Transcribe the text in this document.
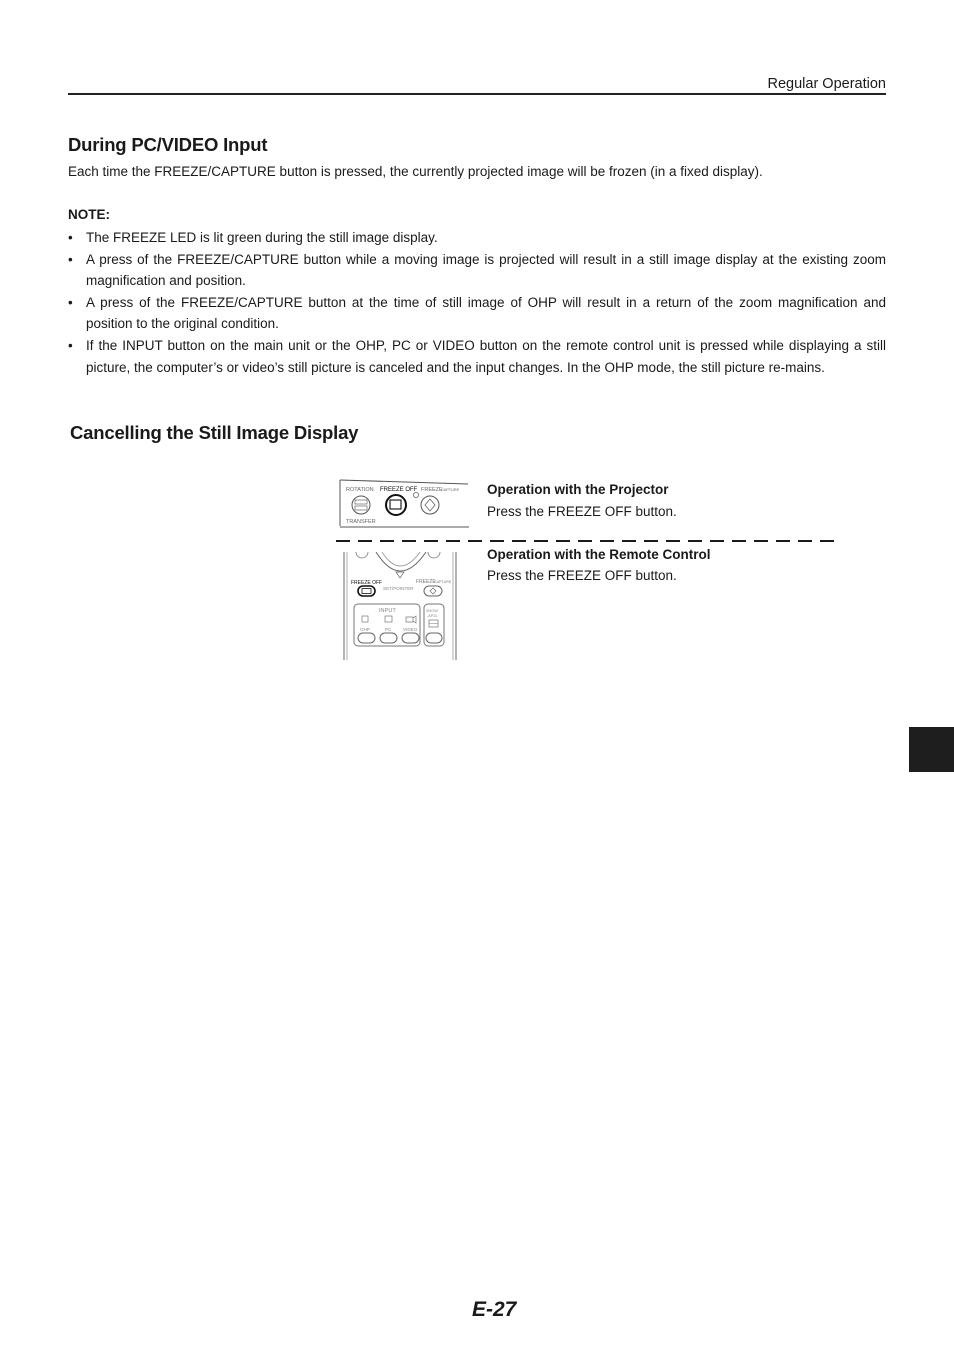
Regular Operation
During PC/VIDEO Input

Each time the FREEZE/CAPTURE button is pressed, the currently projected image will be frozen (in a fixed display).

NOTE:
• The FREEZE LED is lit green during the still image display.
• A press of the FREEZE/CAPTURE button while a moving image is projected will result in a still image display at the existing zoom magnification and position.
• A press of the FREEZE/CAPTURE button at the time of still image of OHP will result in a return of the zoom magnification and position to the original condition.
• If the INPUT button on the main unit or the OHP, PC or VIDEO button on the remote control unit is pressed while displaying a still picture, the computer’s or video’s still picture is canceled and the input changes. In the OHP mode, the still picture re-mains.
Cancelling the Still Image Display
ROTATION FREEZE OFF FREEZE
CAPTURE
TRANSFER
Operation with the Projector
Press the FREEZE OFF button.
FREEZE OFF	FREEZE
CAPTURE
SET/POINTER
INPUT
OHP	PC	VIDEO
SHOW
-AP2L
Operation with the Remote Control
Press the FREEZE OFF button.
E-27
